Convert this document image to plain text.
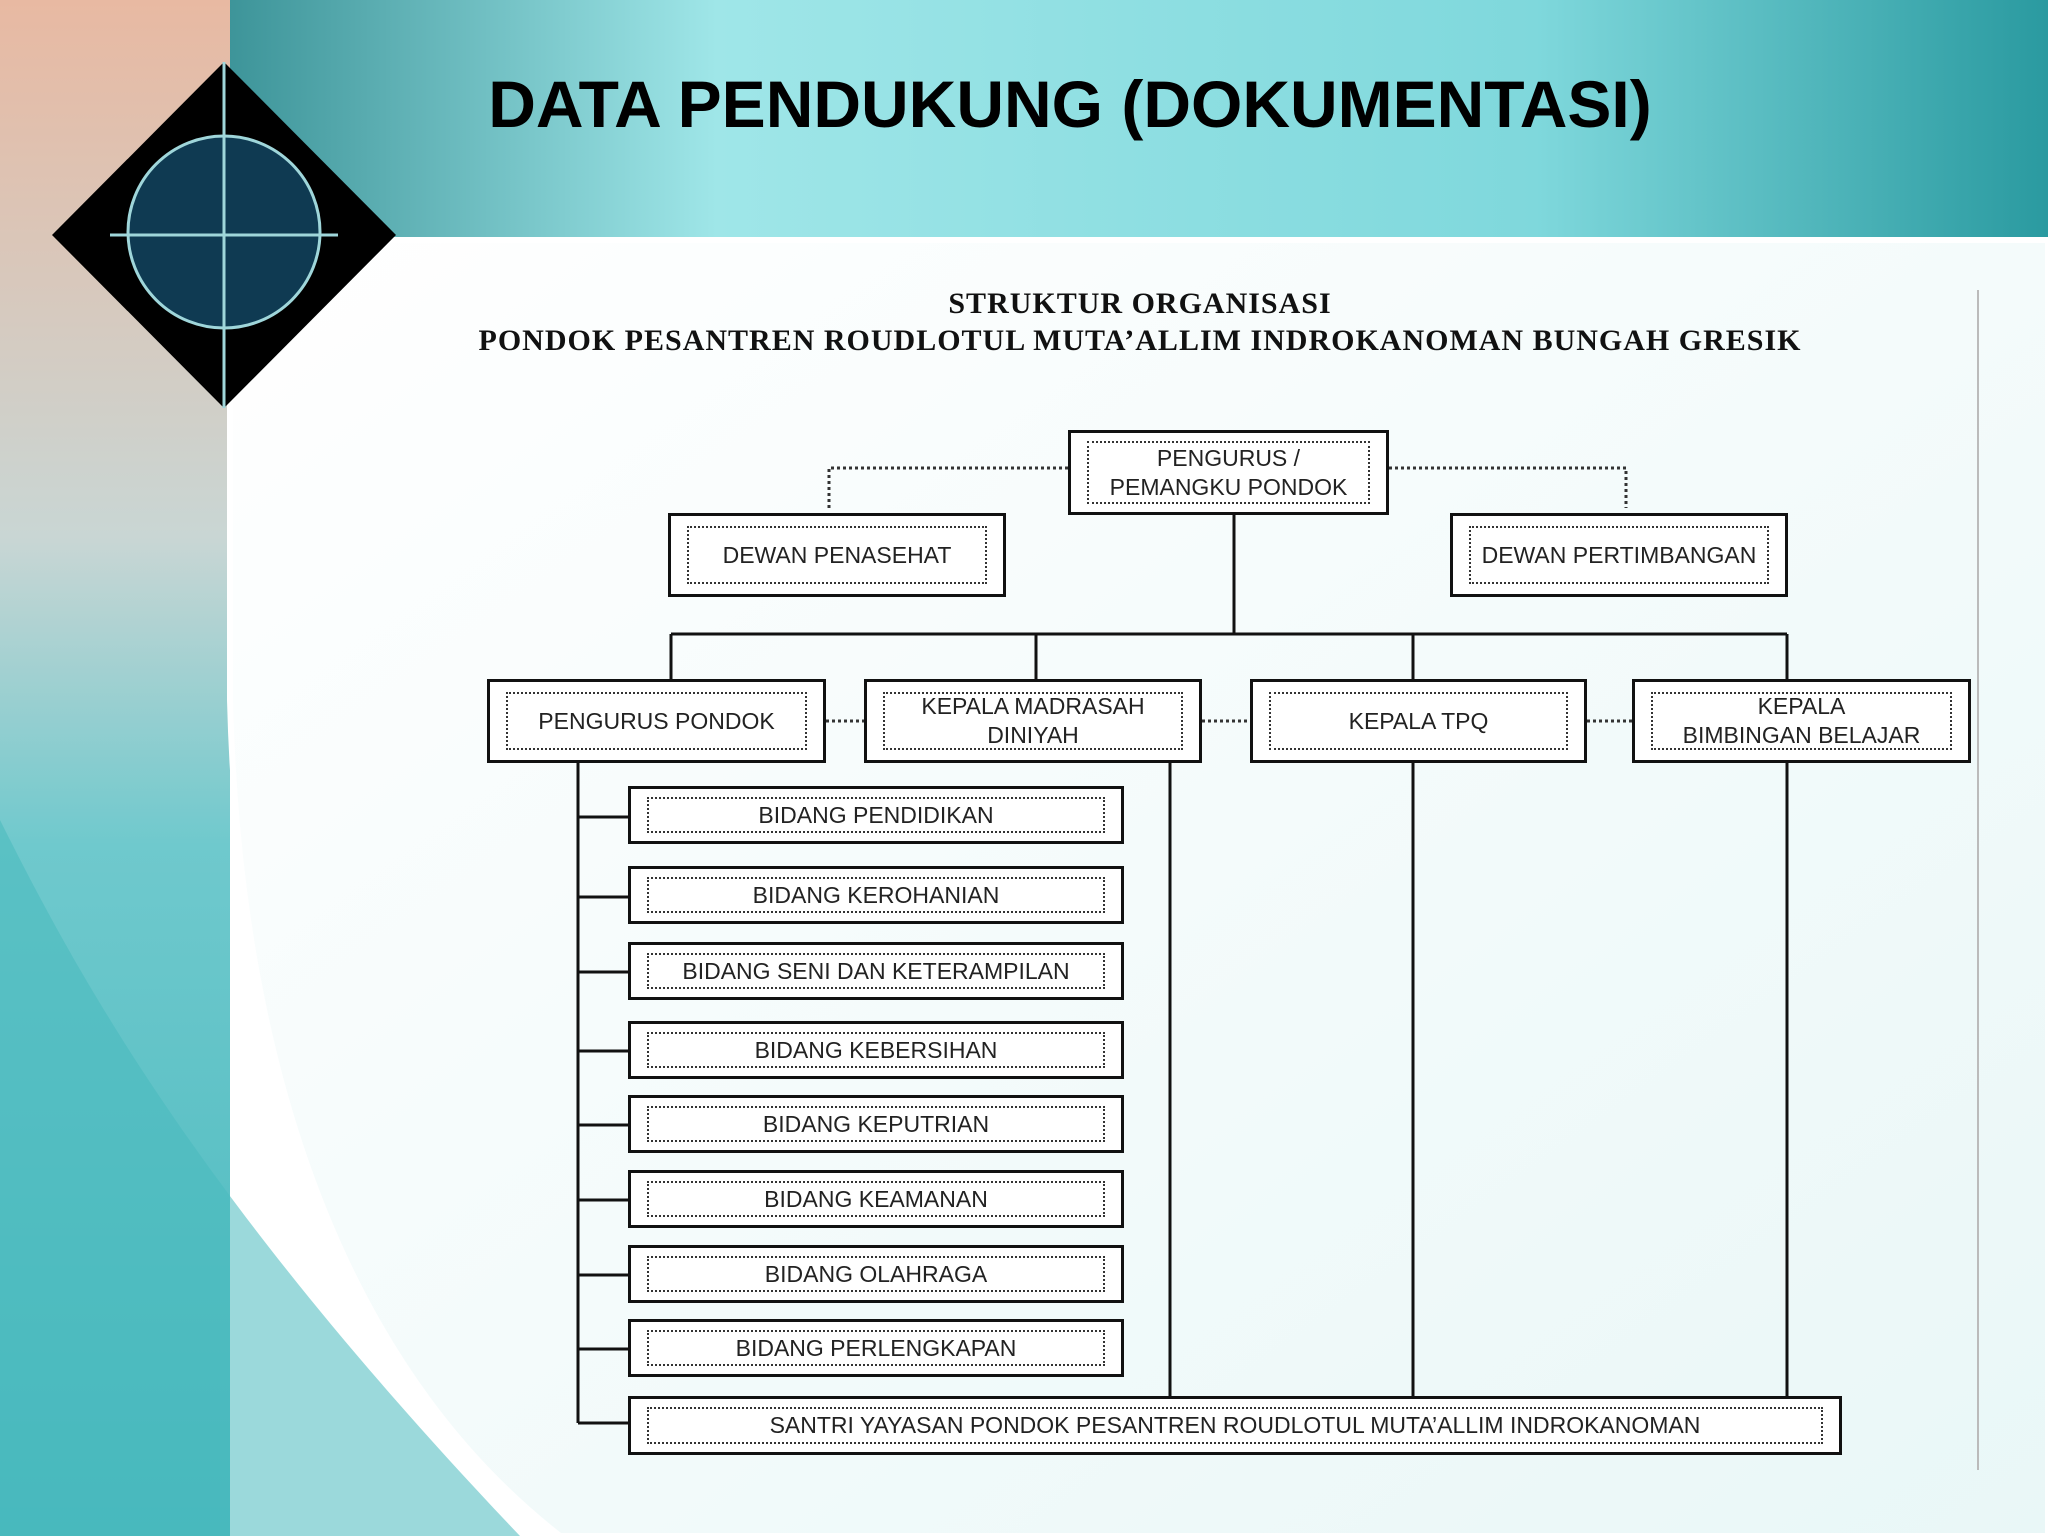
DATA PENDUKUNG (DOKUMENTASI)
STRUKTUR ORGANISASI
PONDOK PESANTREN ROUDLOTUL MUTA’ALLIM INDROKANOMAN BUNGAH GRESIK
PENGURUS /
PEMANGKU PONDOK
DEWAN PENASEHAT	DEWAN PERTIMBANGAN
PENGURUS PONDOK
KEPALA MADRASAH
DINIYAH
KEPALA TPQ
KEPALA
BIMBINGAN BELAJAR
BIDANG PENDIDIKAN
BIDANG KEROHANIAN
BIDANG SENI DAN KETERAMPILAN
BIDANG KEBERSIHAN
BIDANG KEPUTRIAN
BIDANG KEAMANAN
BIDANG OLAHRAGA
BIDANG PERLENGKAPAN
SANTRI YAYASAN PONDOK PESANTREN ROUDLOTUL MUTA’ALLIM INDROKANOMAN
